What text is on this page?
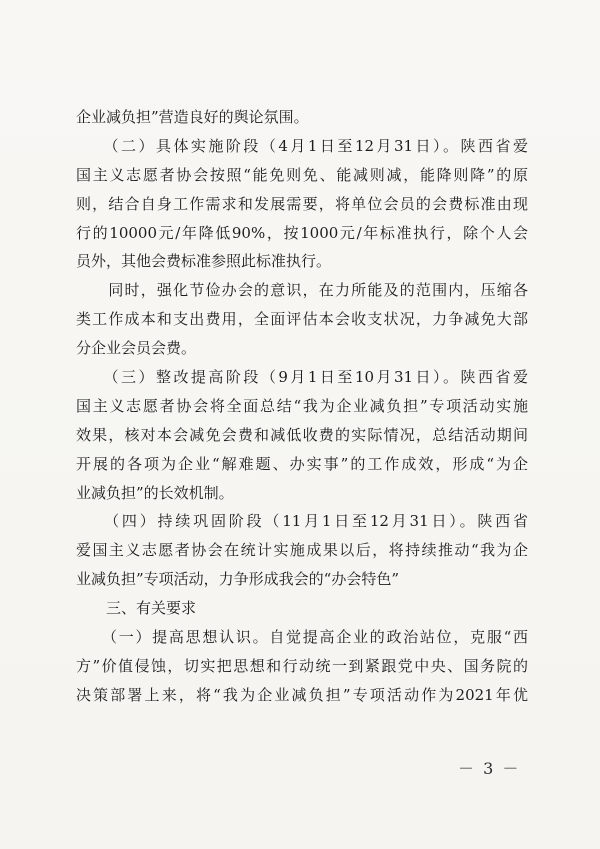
企业减负担”营造良好的舆论氛围。
　　（二）具体实施阶段（4月1日至12月31日）。陕西省爱
国主义志愿者协会按照“能免则免、能减则减，能降则降”的原
则，结合自身工作需求和发展需要，将单位会员的会费标准由现
行的10000元/年降低90%，按1000元/年标准执行，除个人会
员外，其他会费标准参照此标准执行。
　　同时，强化节俭办会的意识，在力所能及的范围内，压缩各
类工作成本和支出费用，全面评估本会收支状况，力争减免大部
分企业会员会费。
　　（三）整改提高阶段（9月1日至10月31日）。陕西省爱
国主义志愿者协会将全面总结“我为企业减负担”专项活动实施
效果，核对本会减免会费和减低收费的实际情况，总结活动期间
开展的各项为企业“解难题、办实事”的工作成效，形成“为企
业减负担”的长效机制。
　　（四）持续巩固阶段（11月1日至12月31日）。陕西省
爱国主义志愿者协会在统计实施成果以后，将持续推动“我为企
业减负担”专项活动，力争形成我会的“办会特色”
　　三、有关要求
　　（一）提高思想认识。自觉提高企业的政治站位，克服“西
方”价值侵蚀，切实把思想和行动统一到紧跟党中央、国务院的
决策部署上来，将“我为企业减负担”专项活动作为2021年优
－ 3 －
